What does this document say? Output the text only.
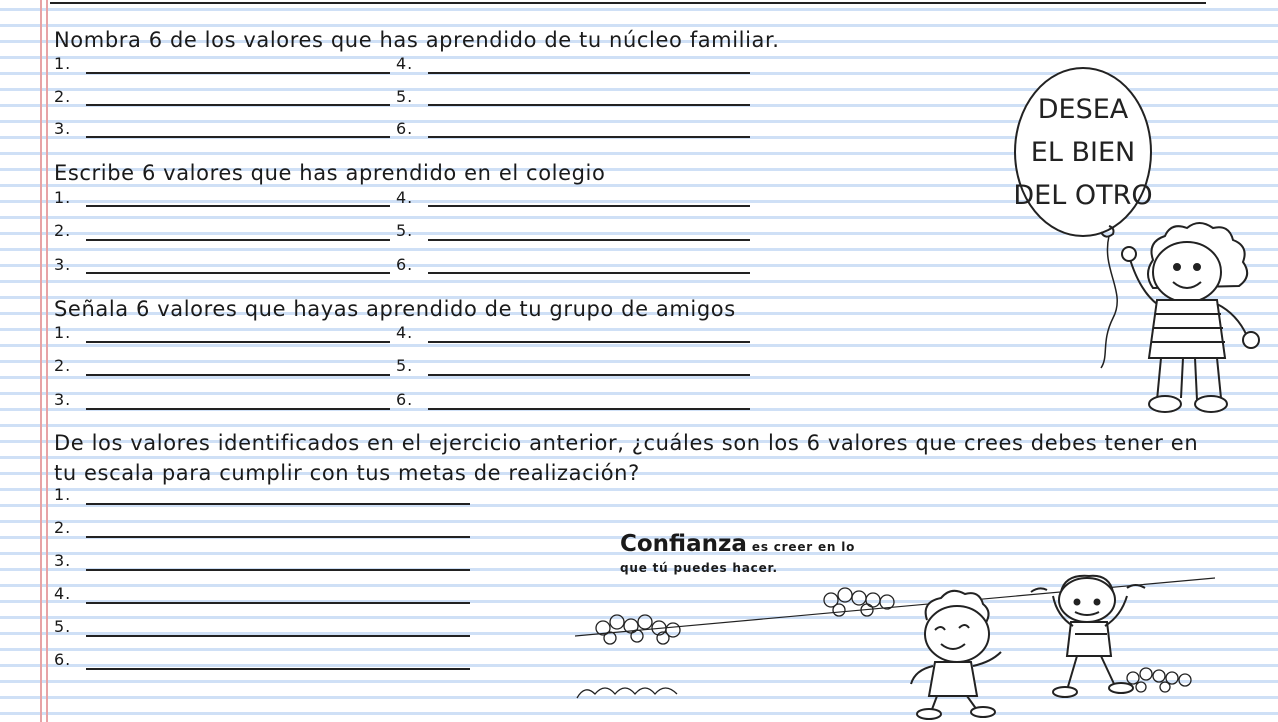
Nombra 6 de los valores que has aprendido de tu núcleo familiar.
1.	4.
2.	5.
3.	6.
Escribe 6 valores que has aprendido en el colegio
1.	4.
2.	5.
3.	6.
Señala 6 valores que hayas aprendido de tu grupo de amigos
1.	4.
2.	5.
3.	6.
De los valores identificados en el ejercicio anterior, ¿cuáles son los 6 valores que crees debes tener en tu escala para cumplir con tus metas de realización?
1.
2.
3.
4.
5.
6.
DESEA
EL BIEN
DEL OTRO
Confianza es creer en lo
que tú puedes hacer.
